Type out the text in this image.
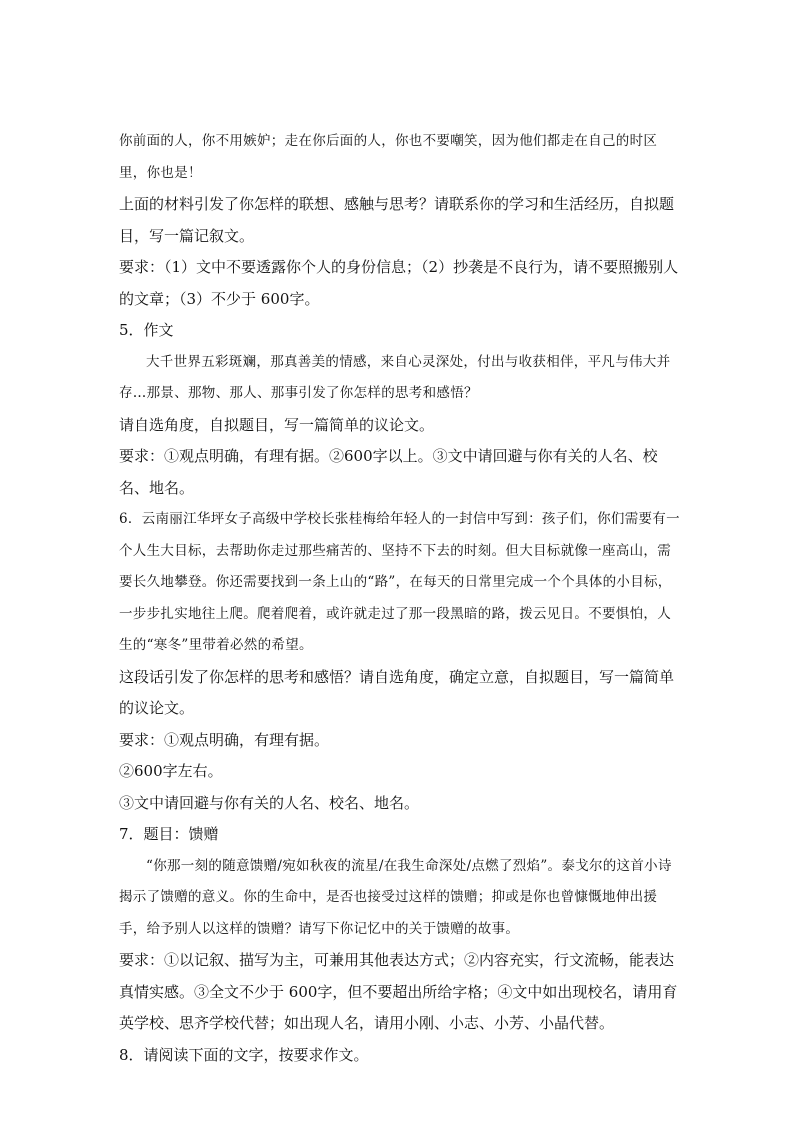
你前面的人，你不用嫉妒；走在你后面的人，你也不要嘲笑，因为他们都走在自己的时区里，你也是！

上面的材料引发了你怎样的联想、感触与思考？请联系你的学习和生活经历，自拟题目，写一篇记叙文。

要求：（1）文中不要透露你个人的身份信息；（2）抄袭是不良行为，请不要照搬别人的文章；（3）不少于 600字。

5．作文

大千世界五彩斑斓，那真善美的情感，来自心灵深处，付出与收获相伴，平凡与伟大并存…那景、那物、那人、那事引发了你怎样的思考和感悟？

请自选角度，自拟题目，写一篇简单的议论文。

要求：①观点明确，有理有据。②600字以上。③文中请回避与你有关的人名、校名、地名。

6．云南丽江华坪女子高级中学校长张桂梅给年轻人的一封信中写到：孩子们，你们需要有一个人生大目标，去帮助你走过那些痛苦的、坚持不下去的时刻。但大目标就像一座高山，需要长久地攀登。你还需要找到一条上山的“路”，在每天的日常里完成一个个具体的小目标，一步步扎实地往上爬。爬着爬着，或许就走过了那一段黑暗的路，拨云见日。不要惧怕，人生的“寒冬”里带着必然的希望。

这段话引发了你怎样的思考和感悟？请自选角度，确定立意，自拟题目，写一篇简单的议论文。

要求：①观点明确，有理有据。

②600字左右。

③文中请回避与你有关的人名、校名、地名。

7．题目：馈赠

“你那一刻的随意馈赠/宛如秋夜的流星/在我生命深处/点燃了烈焰”。泰戈尔的这首小诗揭示了馈赠的意义。你的生命中，是否也接受过这样的馈赠；抑或是你也曾慷慨地伸出援手，给予别人以这样的馈赠？请写下你记忆中的关于馈赠的故事。

要求：①以记叙、描写为主，可兼用其他表达方式；②内容充实，行文流畅，能表达真情实感。③全文不少于 600字，但不要超出所给字格；④文中如出现校名，请用育英学校、思齐学校代替；如出现人名，请用小刚、小志、小芳、小晶代替。

8．请阅读下面的文字，按要求作文。
